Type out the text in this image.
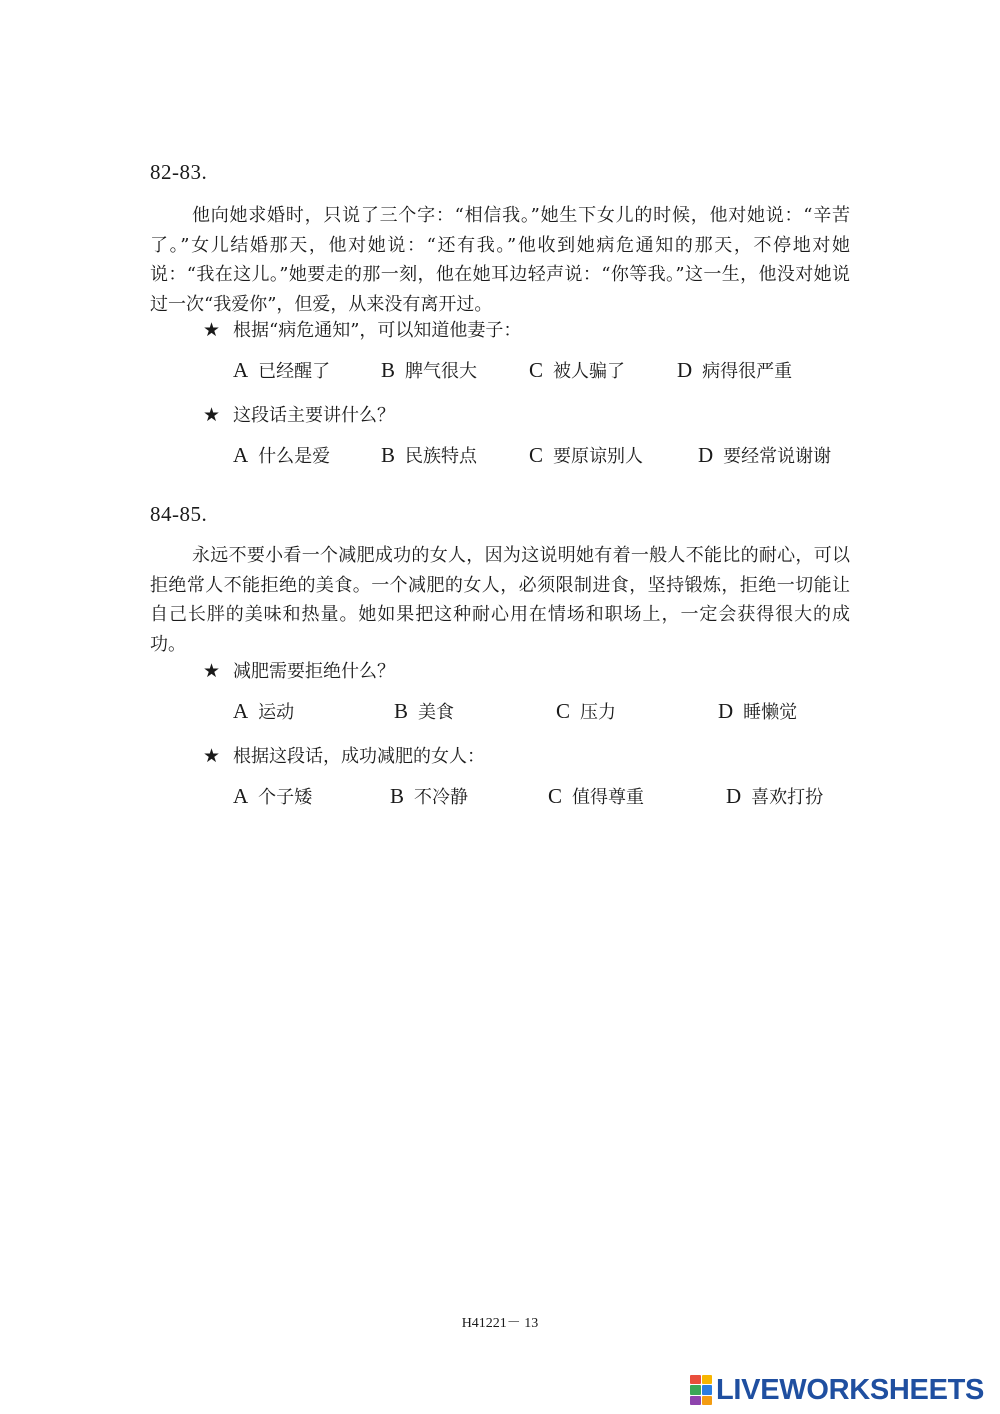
82-83.
他向她求婚时，只说了三个字：“相信我。”她生下女儿的时候，他对她说：“辛苦了。”女儿结婚那天，他对她说：“还有我。”他收到她病危通知的那天，不停地对她说：“我在这儿。”她要走的那一刻，他在她耳边轻声说：“你等我。”这一生，他没对她说过一次“我爱你”，但爱，从来没有离开过。
★ 根据“病危通知”，可以知道他妻子：
A 已经醒了 B 脾气很大 C 被人骗了 D 病得很严重
★ 这段话主要讲什么？
A 什么是爱 B 民族特点 C 要原谅别人	D 要经常说谢谢
84-85.
永远不要小看一个减肥成功的女人，因为这说明她有着一般人不能比的耐心，可以拒绝常人不能拒绝的美食。一个减肥的女人，必须限制进食，坚持锻炼，拒绝一切能让自己长胖的美味和热量。她如果把这种耐心用在情场和职场上，一定会获得很大的成功。
★ 减肥需要拒绝什么？
A 运动	B 美食	C 压力	D 睡懒觉
★ 根据这段话，成功减肥的女人：
A 个子矮	B 不冷静	C 值得尊重	D 喜欢打扮
H41221－ 13
LIVEWORKSHEETS
